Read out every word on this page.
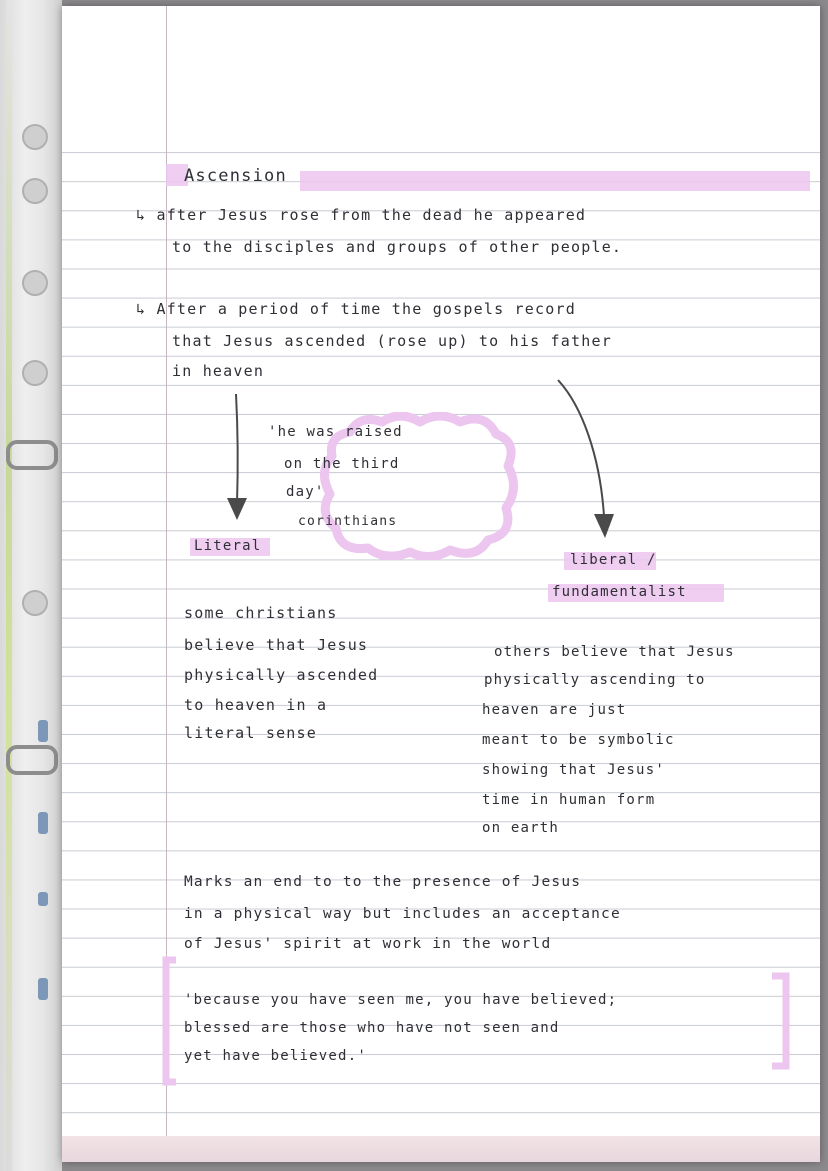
Ascension
↳ after Jesus rose from the dead he appeared
to the disciples and groups of other people.
↳ After a period of time the gospels record
that Jesus ascended (rose up) to his father
in heaven
'he was raised
on the third
day'
corinthians
Literal
liberal /
fundamentalist
some christians
believe that Jesus
physically ascended
to heaven in a
literal sense
others believe that Jesus
physically ascending to
heaven are just
meant to be symbolic
showing that Jesus'
time in human form
on earth
Marks an end to to the presence of Jesus
in a physical way but includes an acceptance
of Jesus' spirit at work in the world
'because you have seen me, you have believed;
blessed are those who have not seen and
yet have believed.'
